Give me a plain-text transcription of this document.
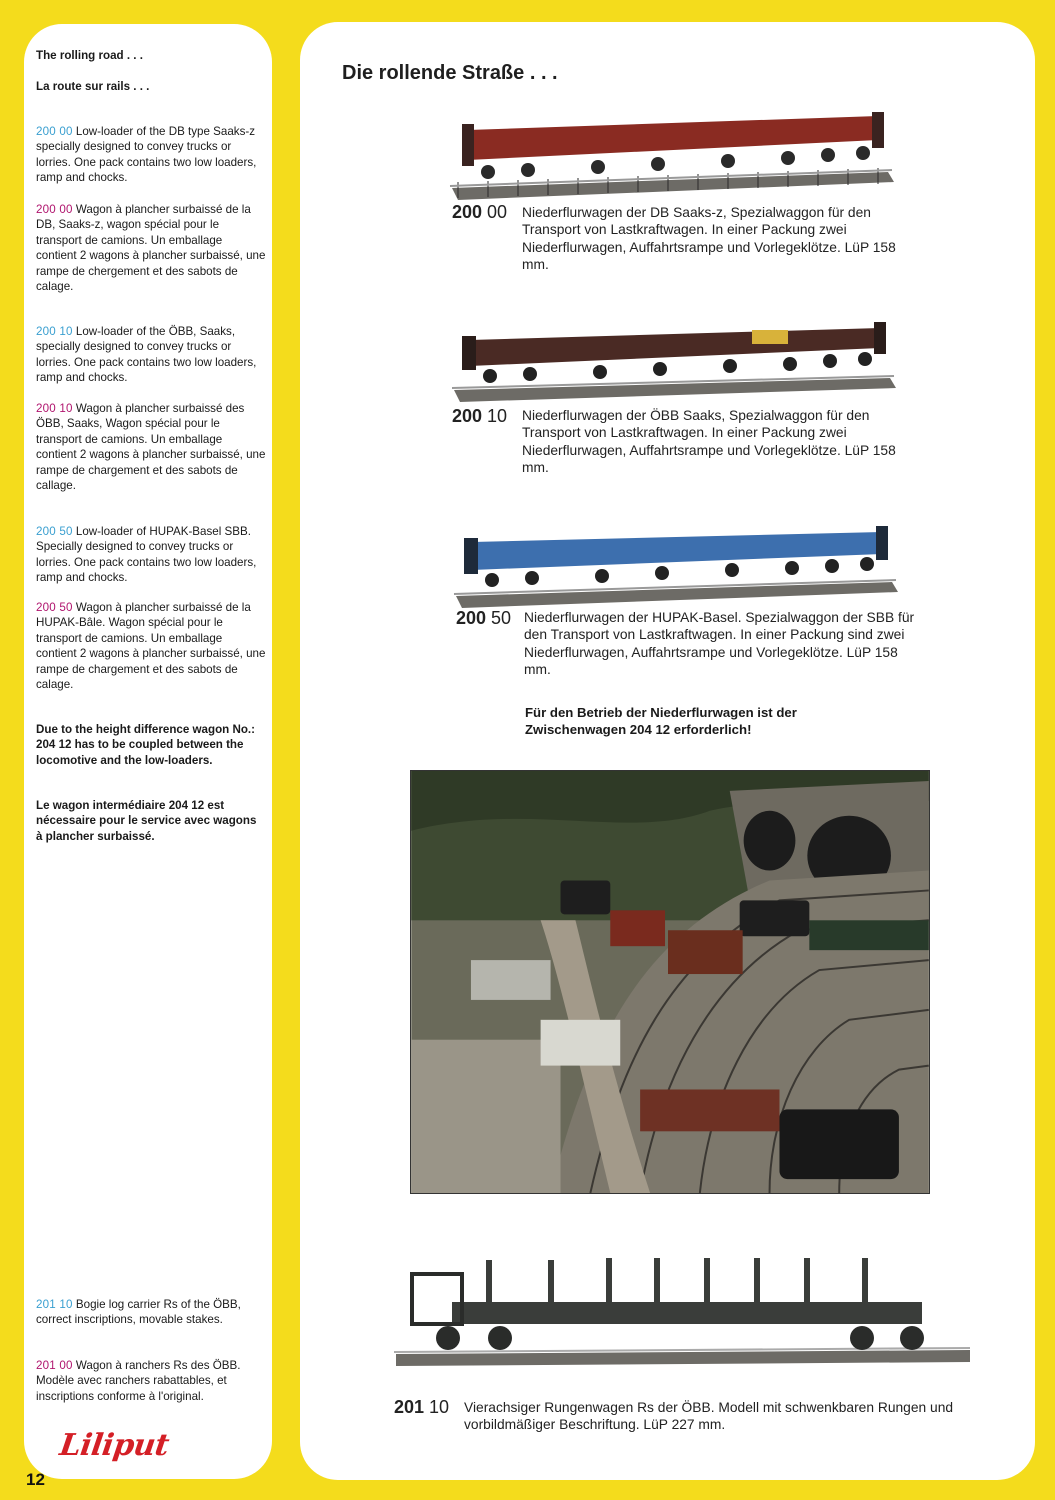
The rolling road . . .
La route sur rails . . .
200 00 Low-loader of the DB type Saaks-z specially designed to convey trucks or lorries. One pack contains two low loaders, ramp and chocks.
200 00 Wagon à plancher surbaissé de la DB, Saaks-z, wagon spécial pour le transport de camions. Un emballage contient 2 wagons à plancher surbaissé, une rampe de chergement et des sabots de calage.
200 10 Low-loader of the ÖBB, Saaks, specially designed to convey trucks or lorries. One pack contains two low loaders, ramp and chocks.
200 10 Wagon à plancher surbaissé des ÖBB, Saaks, Wagon spécial pour le transport de camions. Un emballage contient 2 wagons à plancher surbaissé, une rampe de chargement et des sabots de callage.
200 50 Low-loader of HUPAK-Basel SBB. Specially designed to convey trucks or lorries. One pack contains two low loaders, ramp and chocks.
200 50 Wagon à plancher surbaissé de la HUPAK-Bâle. Wagon spécial pour le transport de camions. Un emballage contient 2 wagons à plancher surbaissé, une rampe de chargement et des sabots de calage.
Due to the height difference wagon No.: 204 12 has to be coupled between the locomotive and the low-loaders.
Le wagon intermédiaire 204 12 est nécessaire pour le service avec wagons à plancher surbaissé.
201 10 Bogie log carrier Rs of the ÖBB, correct inscriptions, movable stakes.
201 00 Wagon à ranchers Rs des ÖBB. Modèle avec ranchers rabattables, et inscriptions conforme à l'original.
Liliput
12
Die rollende Straße . . .
200 00 Niederflurwagen der DB Saaks-z, Spezialwaggon für den Transport von Lastkraftwagen. In einer Packung zwei Niederflurwagen, Auffahrtsrampe und Vorlegeklötze. LüP 158 mm.
200 10 Niederflurwagen der ÖBB Saaks, Spezialwaggon für den Transport von Lastkraftwagen. In einer Packung zwei Niederflurwagen, Auffahrtsrampe und Vorlegeklötze. LüP 158 mm.
200 50 Niederflurwagen der HUPAK-Basel. Spezialwaggon der SBB für den Transport von Lastkraftwagen. In einer Packung sind zwei Niederflurwagen, Auffahrtsrampe und Vorlegeklötze. LüP 158 mm.
Für den Betrieb der Niederflurwagen ist der Zwischenwagen 204 12 erforderlich!
201 10 Vierachsiger Rungenwagen Rs der ÖBB. Modell mit schwenkbaren Rungen und vorbildmäßiger Beschriftung. LüP 227 mm.
